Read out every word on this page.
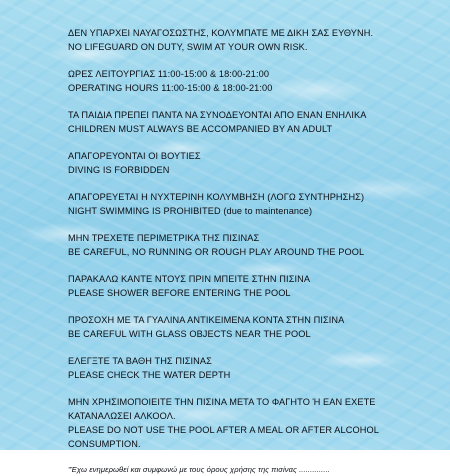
ΔΕΝ ΥΠΑΡΧΕΙ ΝΑΥΑΓΟΣΩΣΤΗΣ, ΚΟΛΥΜΠΑΤΕ ΜΕ ΔΙΚΗ ΣΑΣ ΕΥΘΥΝΗ.
NO LIFEGUARD ON DUTY, SWIM AT YOUR OWN RISK.
ΩΡΕΣ ΛΕΙΤΟΥΡΓΙΑΣ 11:00-15:00 & 18:00-21:00
OPERATING HOURS 11:00-15:00 & 18:00-21:00
ΤΑ ΠΑΙΔΙΑ ΠΡΕΠΕΙ ΠΑΝΤΑ ΝΑ ΣΥΝΟΔΕΥΟΝΤΑΙ ΑΠΟ ΕΝΑΝ ΕΝΗΛΙΚΑ
CHILDREN MUST ALWAYS BE ACCOMPANIED BY AN ADULT
ΑΠΑΓΟΡΕΥΟΝΤΑΙ ΟΙ ΒΟΥΤΙΕΣ
DIVING IS FORBIDDEN
ΑΠΑΓΟΡΕΥΕΤΑΙ Η ΝΥΧΤΕΡΙΝΗ ΚΟΛΥΜΒΗΣΗ (ΛΟΓΩ ΣΥΝΤΗΡΗΣΗΣ)
NIGHT SWIMMING IS PROHIBITED (due to maintenance)
ΜΗΝ ΤΡΕΧΕΤΕ ΠΕΡΙΜΕΤΡΙΚΑ ΤΗΣ ΠΙΣΙΝΑΣ
BE CAREFUL, NO RUNNING OR ROUGH PLAY AROUND THE POOL
ΠΑΡΑΚΑΛΩ ΚΑΝΤΕ ΝΤΟΥΣ ΠΡΙΝ ΜΠΕΙΤΕ ΣΤΗΝ ΠΙΣΙΝΑ
PLEASE SHOWER BEFORE ENTERING THE POOL
ΠΡΟΣΟΧΗ ΜΕ ΤΑ ΓΥΑΛΙΝΑ ΑΝΤΙΚΕΙΜΕΝΑ ΚΟΝΤΑ ΣΤΗΝ ΠΙΣΙΝΑ
BE CAREFUL WITH GLASS OBJECTS NEAR THE POOL
ΕΛΕΓΞΤΕ ΤΑ ΒΑΘΗ ΤΗΣ ΠΙΣΙΝΑΣ
PLEASE CHECK THE WATER DEPTH
ΜΗΝ ΧΡΗΣΙΜΟΠΟΙΕΙΤΕ ΤΗΝ ΠΙΣΙΝΑ ΜΕΤΑ ΤΟ ΦΑΓΗΤΟ Ή ΕΑΝ ΕΧΕΤΕ ΚΑΤΑΝΑΛΩΣΕΙ ΑΛΚΟΟΛ.
PLEASE DO NOT USE THE POOL AFTER A MEAL OR AFTER ALCOHOL CONSUMPTION.
"Έχω ενημερωθεί και συμφωνώ με τους όρους χρήσης της πισίνας ..............
